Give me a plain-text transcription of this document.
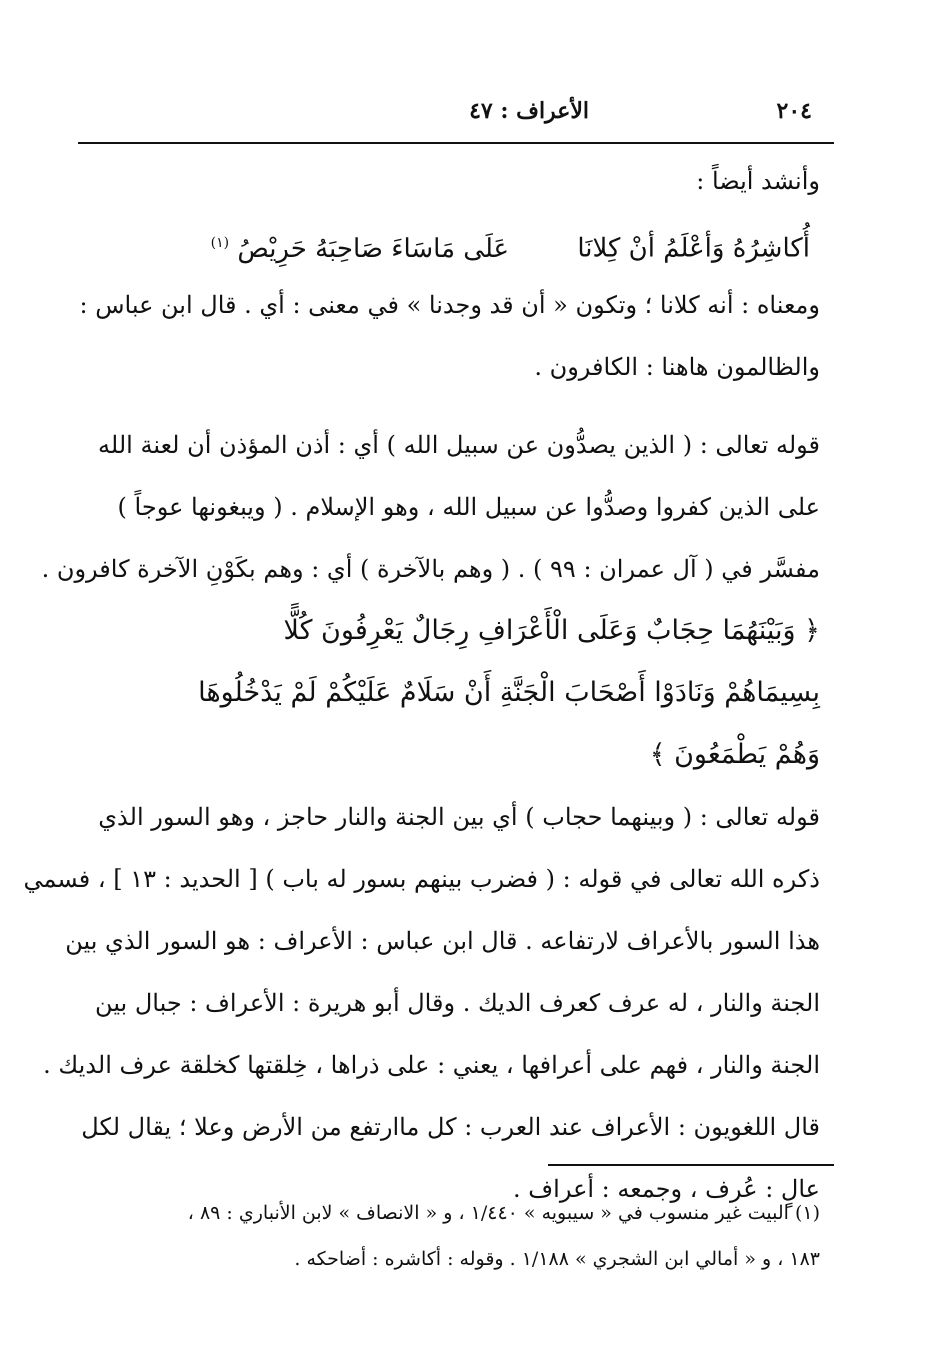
٢٠٤
الأعراف : ٤٧
وأنشد أيضاً :
أُكاشِرُهُ وَأعْلَمُ أنْ كِلانَا عَلَى مَاسَاءَ صَاحِبَهُ حَرِيْصُ $^{(١)}$
ومعناه : أنه كلانا ؛ وتكون « أن قد وجدنا » في معنى : أي . قال ابن عباس :
والظالمون هاهنا : الكافرون .
قوله تعالى : ( الذين يصدُّون عن سبيل الله ) أي : أذن المؤذن أن لعنة الله
على الذين كفروا وصدُّوا عن سبيل الله ، وهو الإسلام . ( ويبغونها عوجاً )
مفسَّر في ( آل عمران : ٩٩ ) . ( وهم بالآخرة ) أي : وهم بكَوْنِ الآخرة كافرون .
﴿ وَبَيْنَهُمَا حِجَابٌ وَعَلَى الْأَعْرَافِ رِجَالٌ يَعْرِفُونَ كُلًّا
بِسِيمَاهُمْ وَنَادَوْا أَصْحَابَ الْجَنَّةِ أَنْ سَلَامٌ عَلَيْكُمْ لَمْ يَدْخُلُوهَا
وَهُمْ يَطْمَعُونَ ﴾
قوله تعالى : ( وبينهما حجاب ) أي بين الجنة والنار حاجز ، وهو السور الذي
ذكره الله تعالى في قوله : ( فضرب بينهم بسور له باب ) [ الحديد : ١٣ ] ، فسمي
هذا السور بالأعراف لارتفاعه . قال ابن عباس : الأعراف : هو السور الذي بين
الجنة والنار ، له عرف كعرف الديك . وقال أبو هريرة : الأعراف : جبال بين
الجنة والنار ، فهم على أعرافها ، يعني : على ذراها ، خِلقتها كخلقة عرف الديك .
قال اللغويون : الأعراف عند العرب : كل ماارتفع من الأرض وعلا ؛ يقال لكل
عالٍ : عُرف ، وجمعه : أعراف .
(١) البيت غير منسوب في « سيبويه » ١/٤٤٠ ، و « الانصاف » لابن الأنباري : ٨٩ ،
١٨٣ ، و « أمالي ابن الشجري » ١/١٨٨ . وقوله : أكاشره : أضاحكه .
